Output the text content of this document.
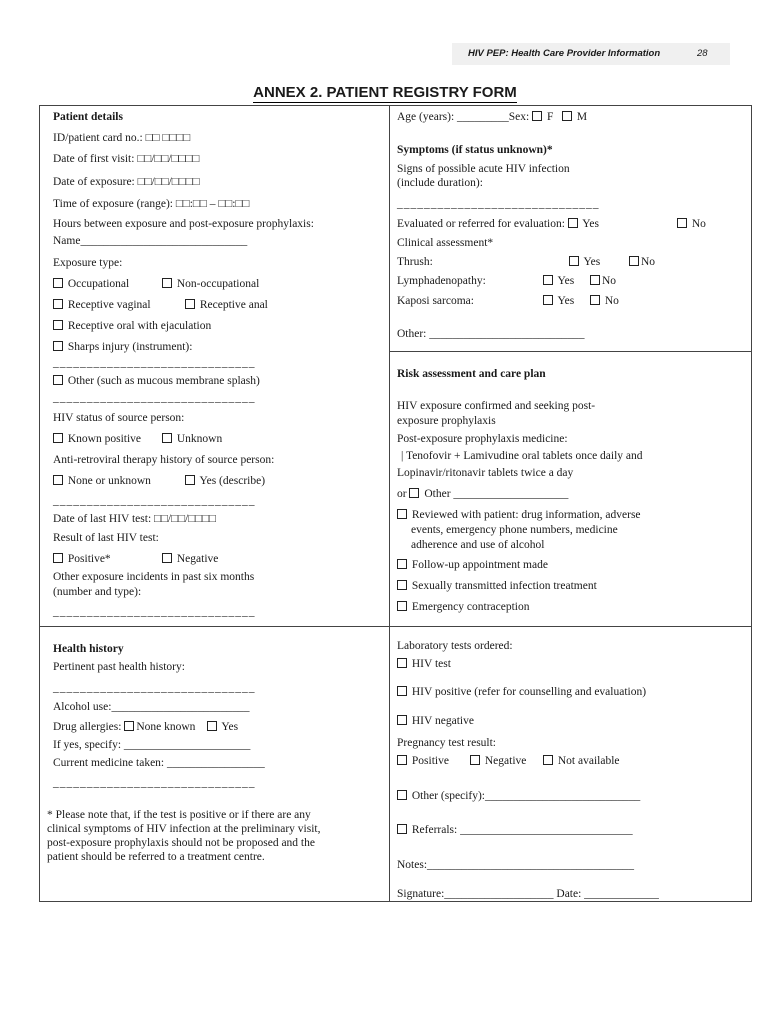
HIV PEP: Health Care Provider Information	28
ANNEX 2. PATIENT REGISTRY FORM
Patient details
ID/patient card no.: □□ □□□□
Date of first visit: □□/□□/□□□□
Date of exposure: □□/□□/□□□□
Time of exposure (range): □□:□□ – □□:□□
Hours between exposure and post-exposure prophylaxis:
Name_____________________________
Exposure type:
Occupational	Non-occupational
Receptive vaginal	Receptive anal
Receptive oral with ejaculation
Sharps injury (instrument):
______________________________
Other (such as mucous membrane splash)
______________________________
HIV status of source person:
Known positive	Unknown
Anti-retroviral therapy history of source person:
None or unknown	Yes (describe)
______________________________
Date of last HIV test: □□/□□/□□□□
Result of last HIV test:
Positive*	Negative
Other exposure incidents in past six months
(number and type):
______________________________
Health history
Pertinent past health history:
______________________________
Alcohol use:________________________
Drug allergies: None known Yes
If yes, specify: ______________________
Current medicine taken: _________________
______________________________
* Please note that, if the test is positive or if there are any
clinical symptoms of HIV infection at the preliminary visit,
post-exposure prophylaxis should not be proposed and the
patient should be referred to a treatment centre.
Age (years): _________Sex: F M
Symptoms (if status unknown)*
Signs of possible acute HIV infection
(include duration):
______________________________
Evaluated or referred for evaluation: Yes	No
Clinical assessment*
Thrush:	Yes	No
Lymphadenopathy:	Yes	No
Kaposi sarcoma:	Yes	No
Other: ___________________________
Risk assessment and care plan
HIV exposure confirmed and seeking post-
exposure prophylaxis
Post-exposure prophylaxis medicine:
| Tenofovir + Lamivudine oral tablets once daily and
Lopinavir/ritonavir tablets twice a day
or Other ____________________
Reviewed with patient: drug information, adverse
events, emergency phone numbers, medicine
adherence and use of alcohol
Follow-up appointment made
Sexually transmitted infection treatment
Emergency contraception
Laboratory tests ordered:
HIV test
HIV positive (refer for counselling and evaluation)
HIV negative
Pregnancy test result:
Positive	Negative	Not available
Other (specify):___________________________
Referrals: ______________________________
Notes:____________________________________
Signature:___________________ Date: _____________
